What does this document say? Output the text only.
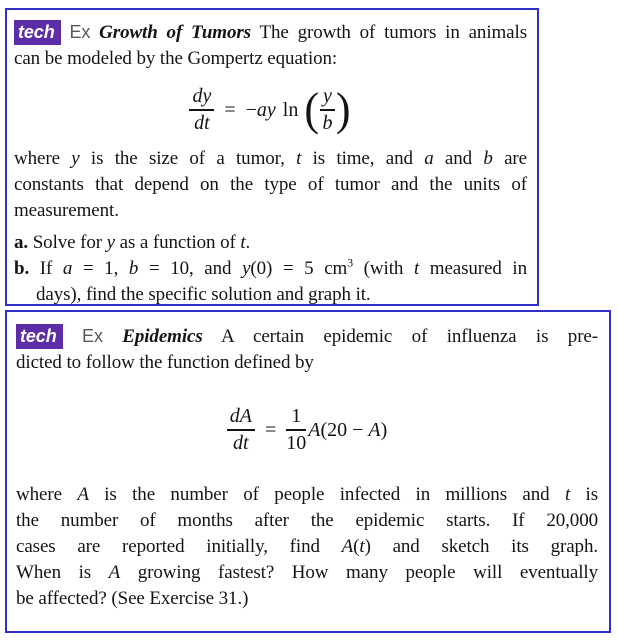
tech Ex Growth of Tumors The growth of tumors in animals
can be modeled by the Gompertz equation:
$\frac{dy}{dt}$ = − ay ln ( $\frac{y}{b}$ )
where y is the size of a tumor, t is time, and a and b are
constants that depend on the type of tumor and the units of
measurement.
a. Solve for y as a function of t.
b. If a = 1, b = 10, and y(0) = 5 $cm^3$ (with t measured in
days), find the specific solution and graph it.
tech Ex Epidemics A certain epidemic of influenza is pre-
dicted to follow the function defined by
$\frac{dA}{dt} = \frac{1}{10} A(20 - A)$
where A is the number of people infected in millions and t is
the number of months after the epidemic starts. If 20,000
cases are reported initially, find A(t) and sketch its graph.
When is A growing fastest? How many people will eventually
be affected? (See Exercise 31.)
